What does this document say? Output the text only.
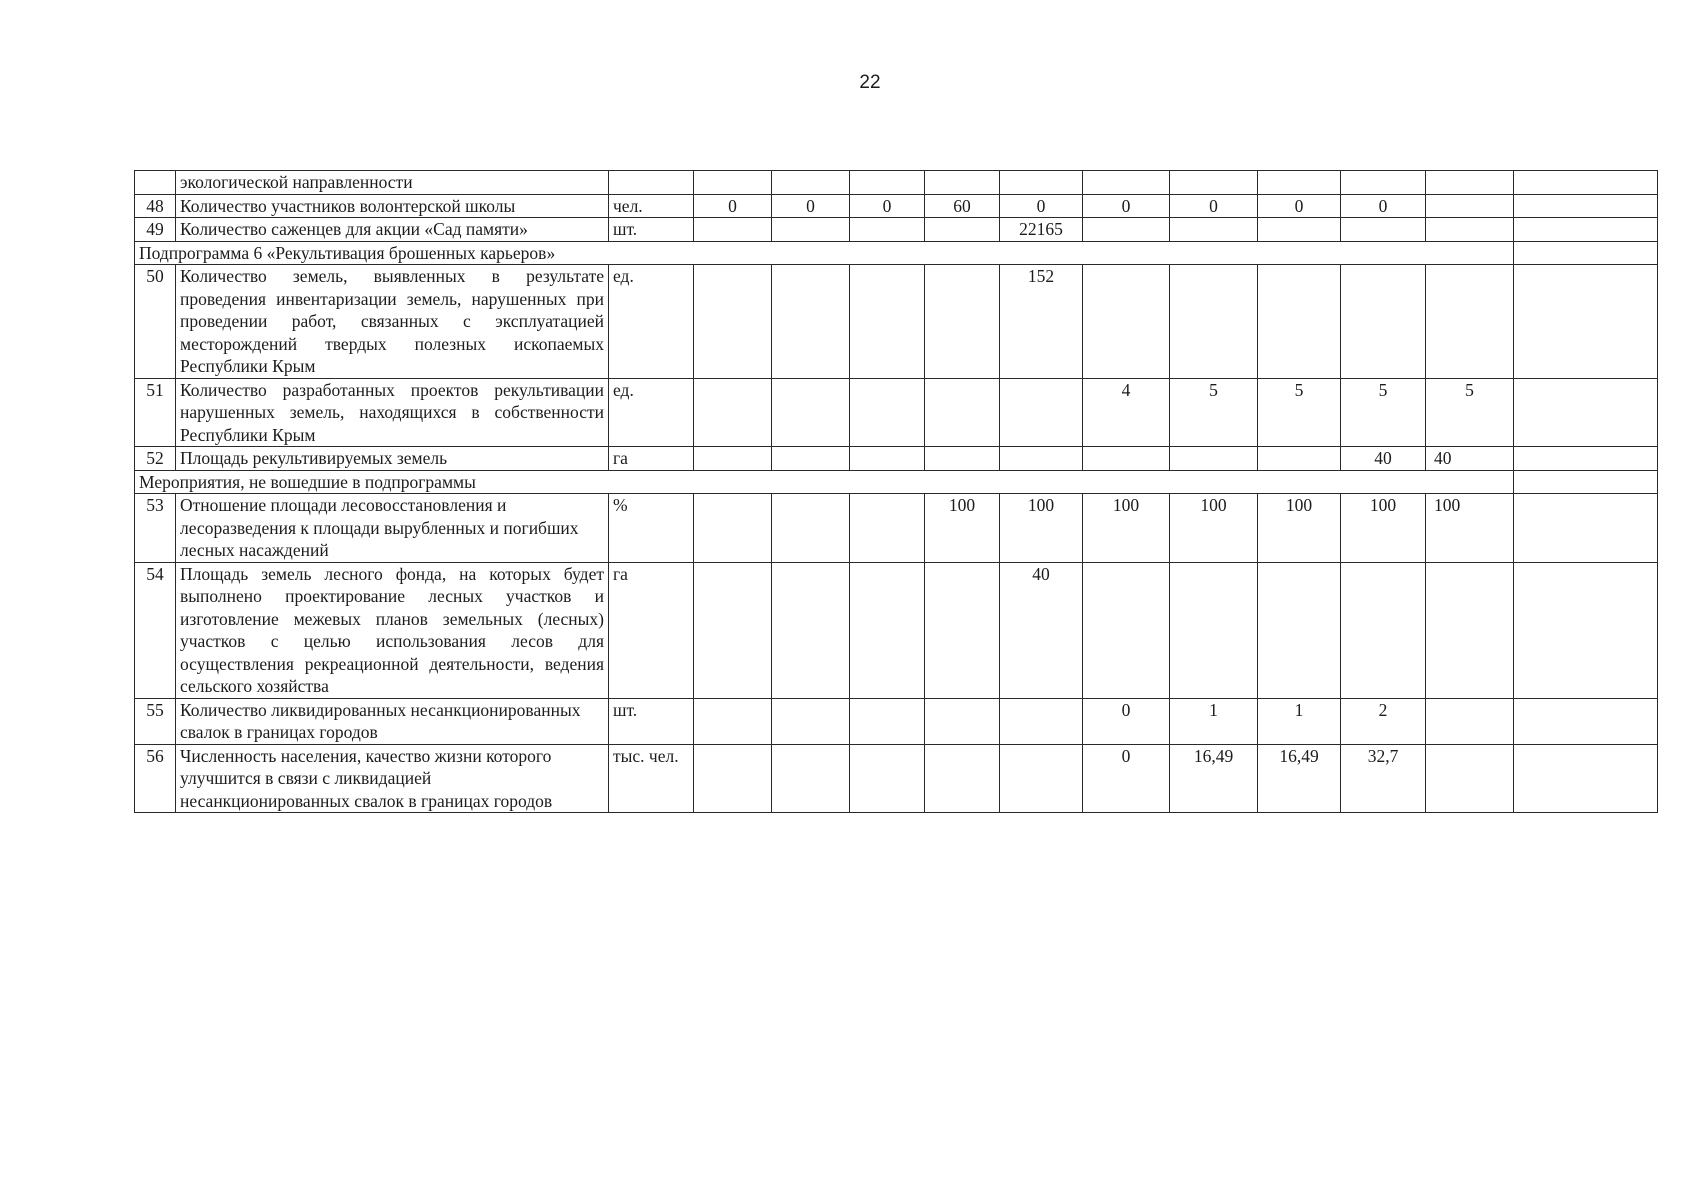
22
	экологической направленности													
48	Количество участников волонтерской школы	чел.	0	0	0	60	0	0	0	0	0			
49	Количество саженцев для акции «Сад памяти»	шт.					22165							
Подпрограмма 6 «Рекультивация брошенных карьеров»														
50	Количество земель, выявленных в результате проведения инвентаризации земель, нарушенных при проведении работ, связанных с эксплуатацией месторождений твердых полезных ископаемых Республики Крым	ед.					152							
51	Количество разработанных проектов рекультивации нарушенных земель, находящихся в собственности Республики Крым	ед.						4	5	5	5	5		
52	Площадь рекультивируемых земель	га									40	40		
Мероприятия, не вошедшие в подпрограммы														
53	Отношение площади лесовосстановления и лесоразведения к площади вырубленных и погибших лесных насаждений	%				100	100	100	100	100	100	100		
54	Площадь земель лесного фонда, на которых будет выполнено проектирование лесных участков и изготовление межевых планов земельных (лесных) участков с целью использования лесов для осуществления рекреационной деятельности, ведения сельского хозяйства	га					40							
55	Количество ликвидированных несанкционированных свалок в границах городов	шт.						0	1	1	2			
56	Численность населения, качество жизни которого улучшится в связи с ликвидацией несанкционированных свалок в границах городов	тыс. чел.						0	16,49	16,49	32,7			
